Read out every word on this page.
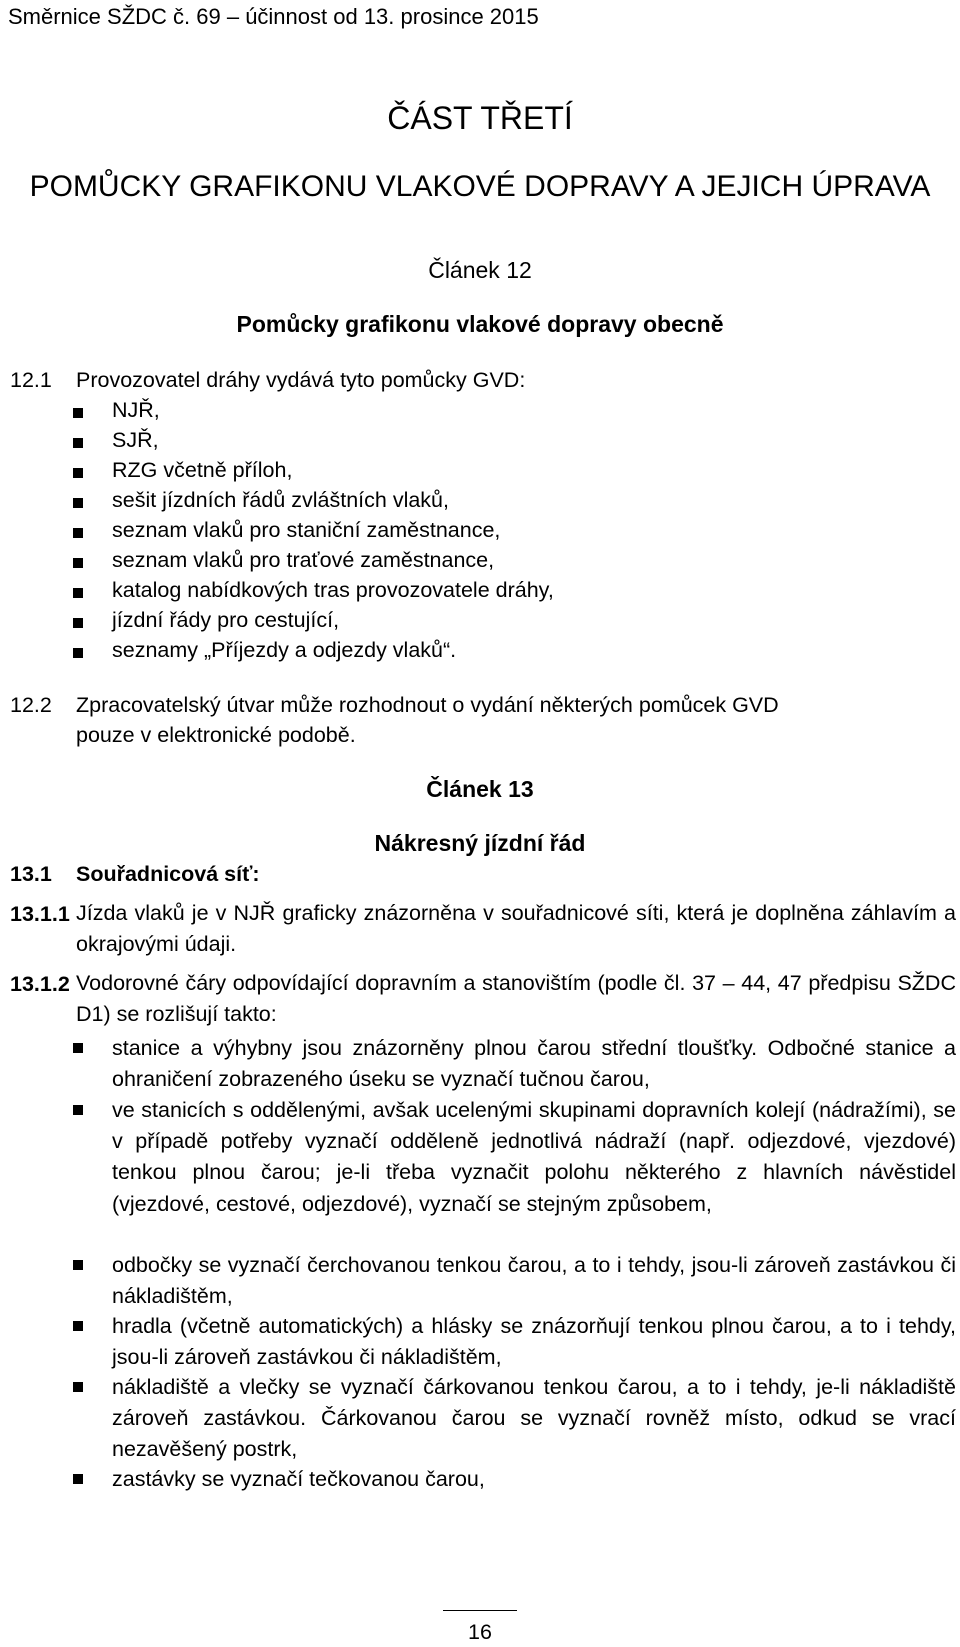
Směrnice SŽDC č. 69 – účinnost od 13. prosince 2015
ČÁST TŘETÍ
POMŮCKY GRAFIKONU VLAKOVÉ DOPRAVY A JEJICH ÚPRAVA
Článek 12
Pomůcky grafikonu vlakové dopravy obecně
12.1 Provozovatel dráhy vydává tyto pomůcky GVD:
NJŘ,
SJŘ,
RZG včetně příloh,
sešit jízdních řádů zvláštních vlaků,
seznam vlaků pro staniční zaměstnance,
seznam vlaků pro traťové zaměstnance,
katalog nabídkových tras provozovatele dráhy,
jízdní řády pro cestující,
seznamy „Příjezdy a odjezdy vlaků“.
12.2 Zpracovatelský útvar může rozhodnout o vydání některých pomůcek GVD
pouze v elektronické podobě.
Článek 13
Nákresný jízdní řád
13.1 Souřadnicová síť:
13.1.1 Jízda vlaků je v NJŘ graficky znázorněna v souřadnicové síti, která je doplněna záhlavím a okrajovými údaji.
13.1.2 Vodorovné čáry odpovídající dopravním a stanovištím (podle čl. 37 – 44, 47 předpisu SŽDC D1) se rozlišují takto:
stanice a výhybny jsou znázorněny plnou čarou střední tloušťky. Odbočné stanice a ohraničení zobrazeného úseku se vyznačí tučnou čarou,
ve stanicích s oddělenými, avšak ucelenými skupinami dopravních kolejí (nádražími), se v případě potřeby vyznačí odděleně jednotlivá nádraží (např. odjezdové, vjezdové) tenkou plnou čarou; je-li třeba vyznačit polohu některého z hlavních návěstidel (vjezdové, cestové, odjezdové), vyznačí se stejným způsobem,
odbočky se vyznačí čerchovanou tenkou čarou, a to i tehdy, jsou-li zároveň zastávkou či nákladištěm,
hradla (včetně automatických) a hlásky se znázorňují tenkou plnou čarou, a to i tehdy, jsou-li zároveň zastávkou či nákladištěm,
nákladiště a vlečky se vyznačí čárkovanou tenkou čarou, a to i tehdy, je-li nákladiště zároveň zastávkou. Čárkovanou čarou se vyznačí rovněž místo, odkud se vrací nezavěšený postrk,
zastávky se vyznačí tečkovanou čarou,
16
